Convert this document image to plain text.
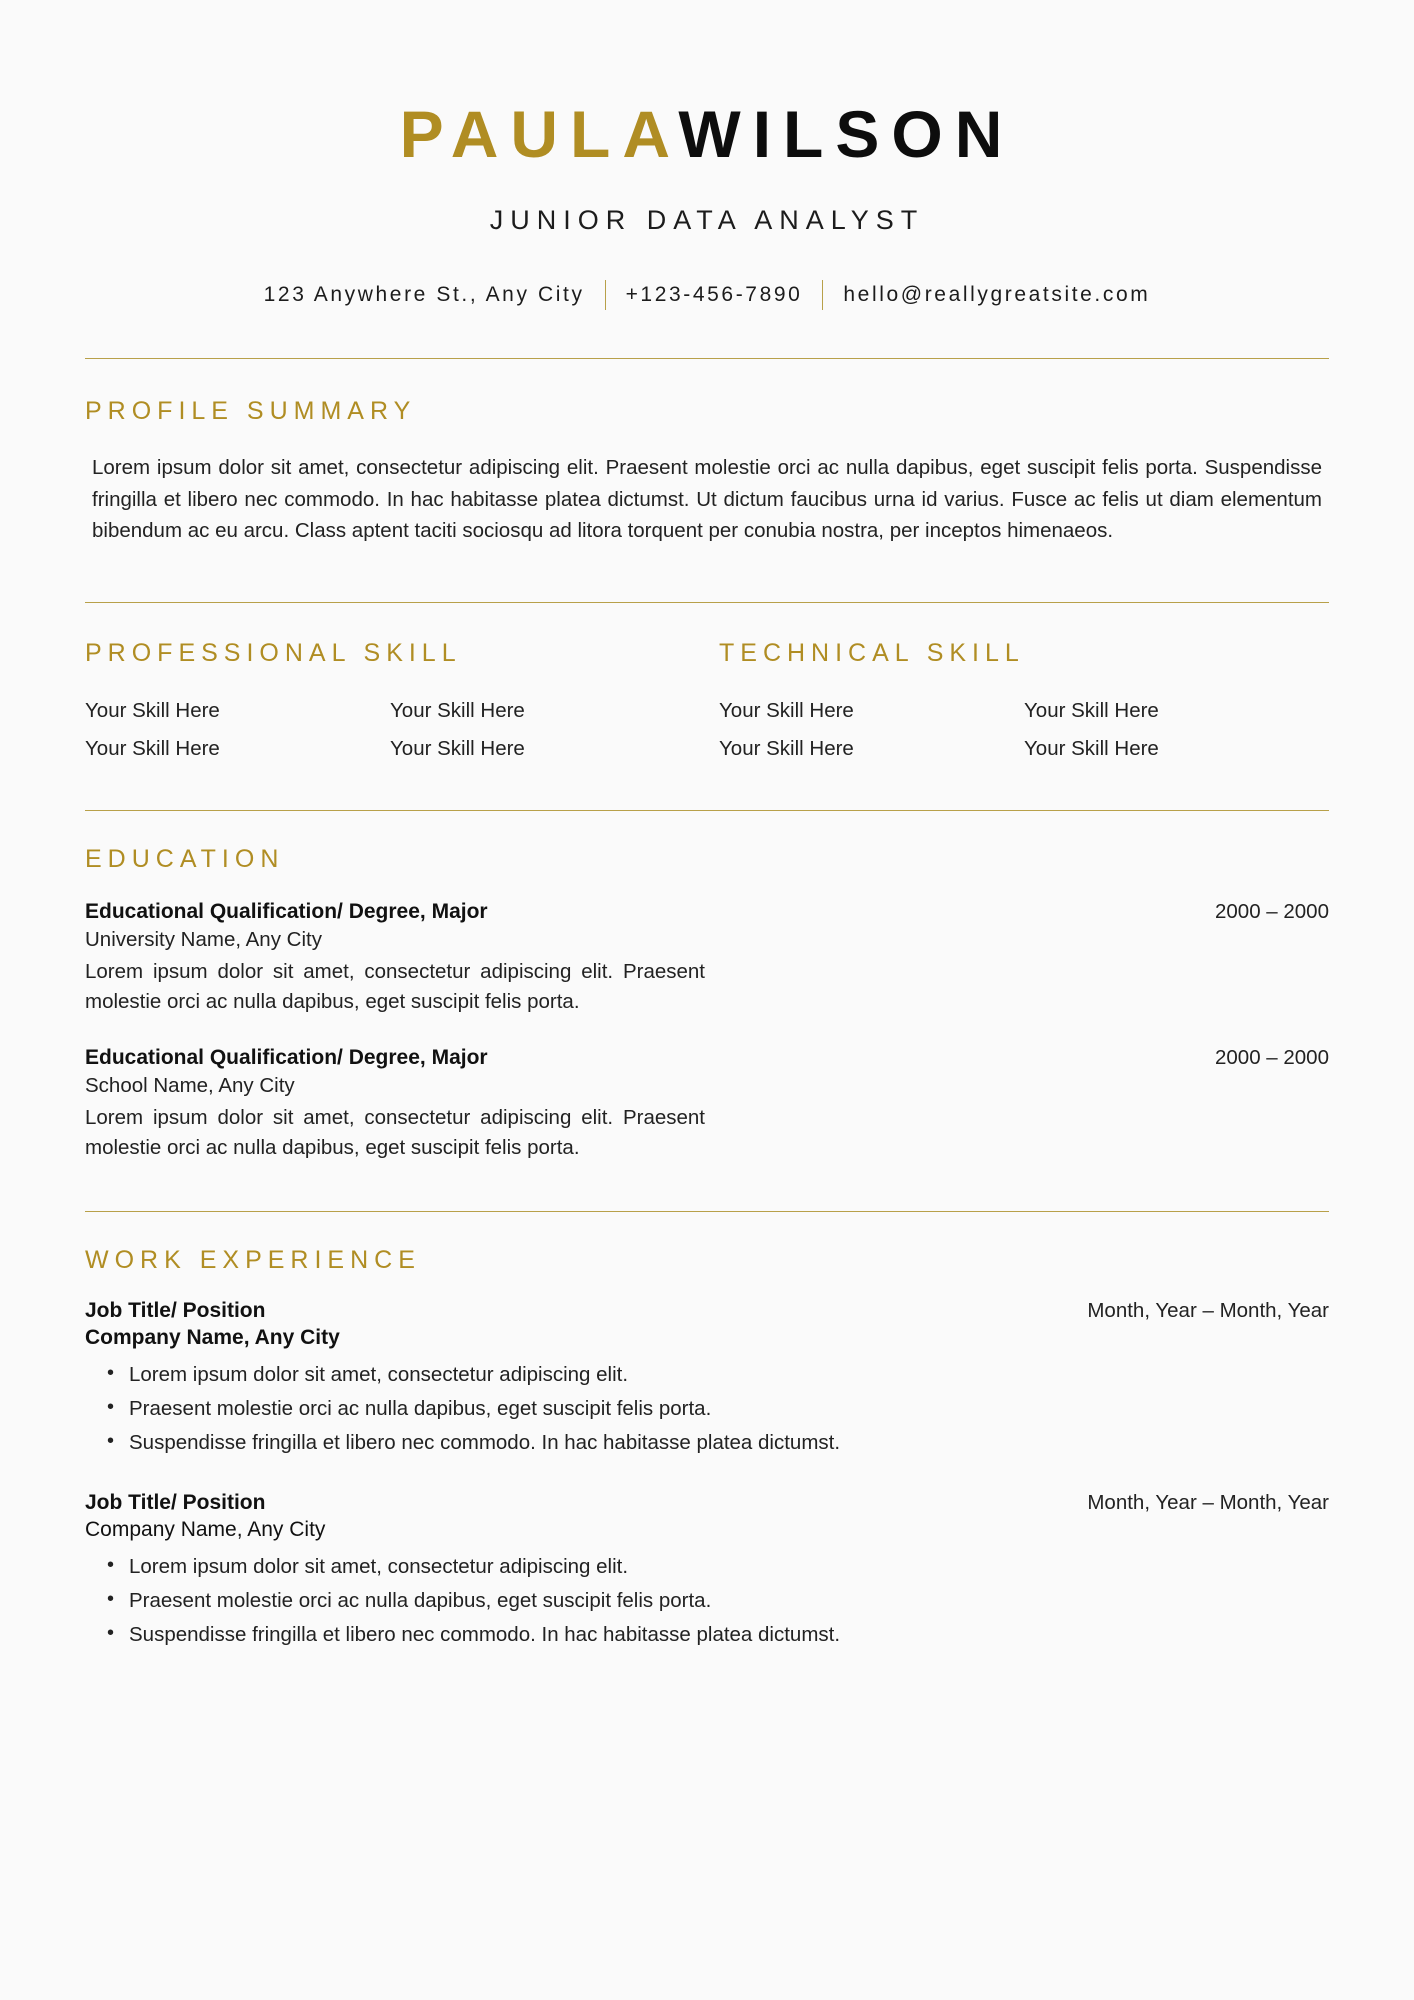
PAULAWILSON
JUNIOR DATA ANALYST
123 Anywhere St., Any City	+123-456-7890	hello@reallygreatsite.com
PROFILE SUMMARY
Lorem ipsum dolor sit amet, consectetur adipiscing elit. Praesent molestie orci ac nulla dapibus, eget suscipit felis porta. Suspendisse fringilla et libero nec commodo. In hac habitasse platea dictumst. Ut dictum faucibus urna id varius. Fusce ac felis ut diam elementum bibendum ac eu arcu. Class aptent taciti sociosqu ad litora torquent per conubia nostra, per inceptos himenaeos.
PROFESSIONAL SKILL
Your Skill Here	Your Skill Here
Your Skill Here	Your Skill Here
TECHNICAL SKILL
Your Skill Here	Your Skill Here
Your Skill Here	Your Skill Here
EDUCATION
Educational Qualification/ Degree, Major	2000 – 2000
University Name, Any City
Lorem ipsum dolor sit amet, consectetur adipiscing elit. Praesent molestie orci ac nulla dapibus, eget suscipit felis porta.
Educational Qualification/ Degree, Major	2000 – 2000
School Name, Any City
Lorem ipsum dolor sit amet, consectetur adipiscing elit. Praesent molestie orci ac nulla dapibus, eget suscipit felis porta.
WORK EXPERIENCE
Job Title/ Position	Month, Year – Month, Year
Company Name, Any City
• Lorem ipsum dolor sit amet, consectetur adipiscing elit.
• Praesent molestie orci ac nulla dapibus, eget suscipit felis porta.
• Suspendisse fringilla et libero nec commodo. In hac habitasse platea dictumst.
Job Title/ Position	Month, Year – Month, Year
Company Name, Any City
• Lorem ipsum dolor sit amet, consectetur adipiscing elit.
• Praesent molestie orci ac nulla dapibus, eget suscipit felis porta.
• Suspendisse fringilla et libero nec commodo. In hac habitasse platea dictumst.
